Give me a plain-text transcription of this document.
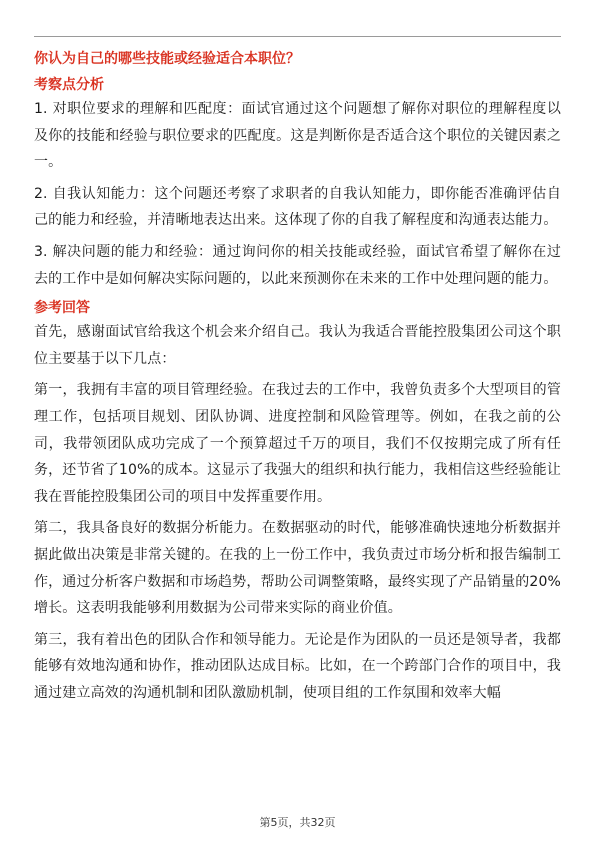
你认为自己的哪些技能或经验适合本职位？
考察点分析

1. 对职位要求的理解和匹配度：面试官通过这个问题想了解你对职位的理解程度以及你的技能和经验与职位要求的匹配度。这是判断你是否适合这个职位的关键因素之一。

2. 自我认知能力：这个问题还考察了求职者的自我认知能力，即你能否准确评估自己的能力和经验，并清晰地表达出来。这体现了你的自我了解程度和沟通表达能力。

3. 解决问题的能力和经验：通过询问你的相关技能或经验，面试官希望了解你在过去的工作中是如何解决实际问题的，以此来预测你在未来的工作中处理问题的能力。

参考回答

首先，感谢面试官给我这个机会来介绍自己。我认为我适合晋能控股集团公司这个职位主要基于以下几点：

第一，我拥有丰富的项目管理经验。在我过去的工作中，我曾负责多个大型项目的管理工作，包括项目规划、团队协调、进度控制和风险管理等。例如，在我之前的公司，我带领团队成功完成了一个预算超过千万的项目，我们不仅按期完成了所有任务，还节省了10%的成本。这显示了我强大的组织和执行能力，我相信这些经验能让我在晋能控股集团公司的项目中发挥重要作用。

第二，我具备良好的数据分析能力。在数据驱动的时代，能够准确快速地分析数据并据此做出决策是非常关键的。在我的上一份工作中，我负责过市场分析和报告编制工作，通过分析客户数据和市场趋势，帮助公司调整策略，最终实现了产品销量的20%增长。这表明我能够利用数据为公司带来实际的商业价值。

第三，我有着出色的团队合作和领导能力。无论是作为团队的一员还是领导者，我都能够有效地沟通和协作，推动团队达成目标。比如，在一个跨部门合作的项目中，我通过建立高效的沟通机制和团队激励机制，使项目组的工作氛围和效率大幅

第5页，共32页
